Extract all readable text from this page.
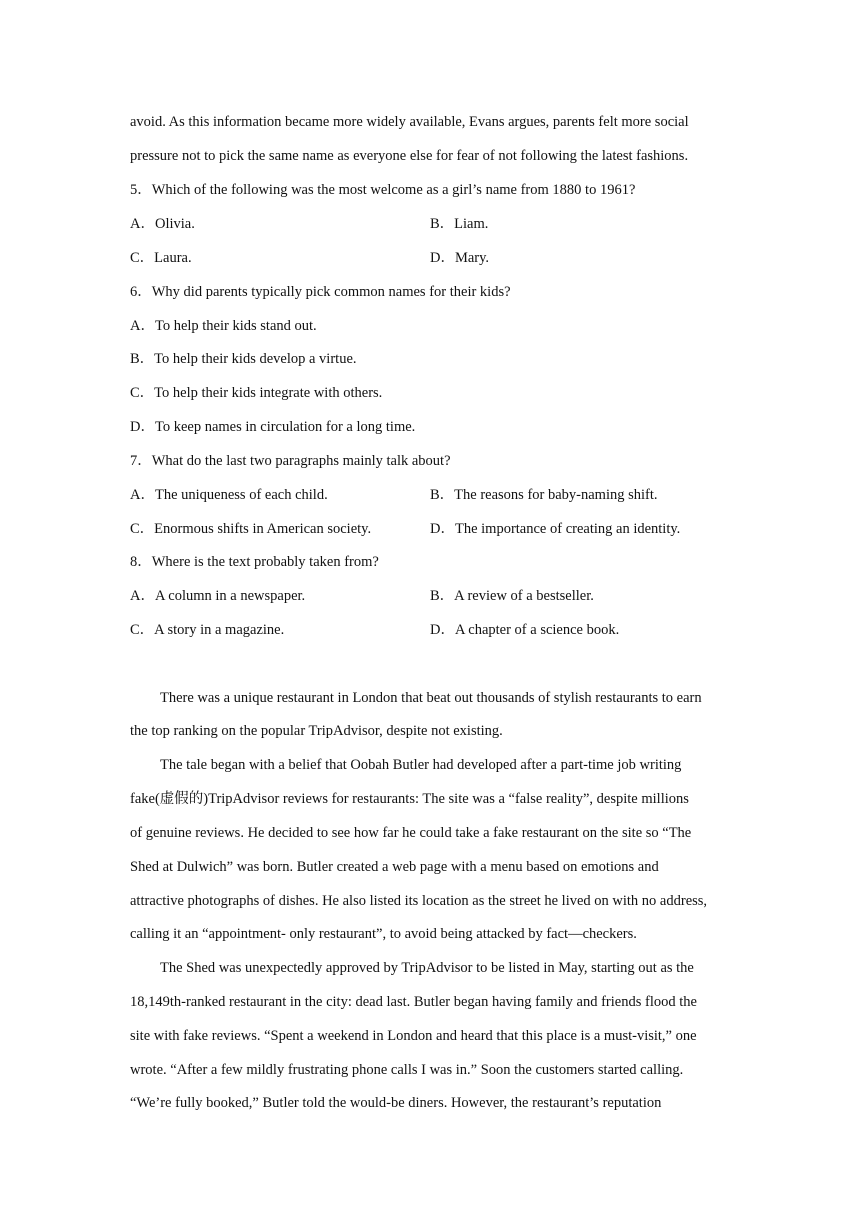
avoid. As this information became more widely available, Evans argues, parents felt more social
pressure not to pick the same name as everyone else for fear of not following the latest fashions.
5．Which of the following was the most welcome as a girl’s name from 1880 to 1961?
A．Olivia.	B．Liam.
C．Laura.	D．Mary.
6．Why did parents typically pick common names for their kids?
A．To help their kids stand out.
B．To help their kids develop a virtue.
C．To help their kids integrate with others.
D．To keep names in circulation for a long time.
7．What do the last two paragraphs mainly talk about?
A．The uniqueness of each child.	B．The reasons for baby-naming shift.
C．Enormous shifts in American society.	D．The importance of creating an identity.
8．Where is the text probably taken from?
A．A column in a newspaper.	B．A review of a bestseller.
C．A story in a magazine.	D．A chapter of a science book.
There was a unique restaurant in London that beat out thousands of stylish restaurants to earn
the top ranking on the popular TripAdvisor, despite not existing.
The tale began with a belief that Oobah Butler had developed after a part-time job writing
fake(虚假的)TripAdvisor reviews for restaurants: The site was a “false reality”, despite millions
of genuine reviews. He decided to see how far he could take a fake restaurant on the site so “The
Shed at Dulwich” was born. Butler created a web page with a menu based on emotions and
attractive photographs of dishes. He also listed its location as the street he lived on with no address,
calling it an “appointment- only restaurant”, to avoid being attacked by fact—checkers.
The Shed was unexpectedly approved by TripAdvisor to be listed in May, starting out as the
18,149th-ranked restaurant in the city: dead last. Butler began having family and friends flood the
site with fake reviews. “Spent a weekend in London and heard that this place is a must-visit,” one
wrote. “After a few mildly frustrating phone calls I was in.” Soon the customers started calling.
“We’re fully booked,” Butler told the would-be diners. However, the restaurant’s reputation
